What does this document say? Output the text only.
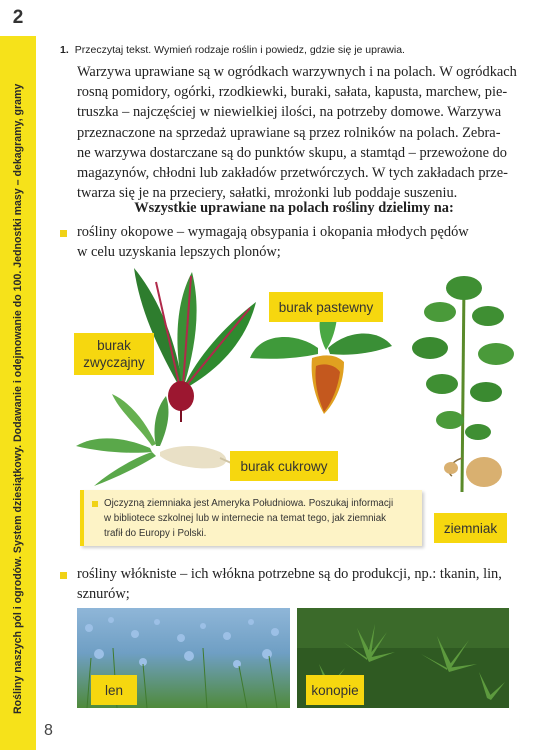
2
Rośliny naszych pól i ogrodów. System dziesiątkowy. Dodawanie i odejmowanie do 100. Jednostki masy – dekagramy, gramy
8
1. Przeczytaj tekst. Wymień rodzaje roślin i powiedz, gdzie się je uprawia.
Warzywa uprawiane są w ogródkach warzywnych i na polach. W ogródkach
rosną pomidory, ogórki, rzodkiewki, buraki, sałata, kapusta, marchew, pie-
truszka – najczęściej w niewielkiej ilości, na potrzeby domowe. Warzywa
przeznaczone na sprzedaż uprawiane są przez rolników na polach. Zebra-
ne warzywa dostarczane są do punktów skupu, a stamtąd – przewożone do
magazynów, chłodni lub zakładów przetwórczych. W tych zakładach prze-
twarza się je na przeciery, sałatki, mrożonki lub poddaje suszeniu.
Wszystkie uprawiane na polach rośliny dzielimy na:
rośliny okopowe – wymagają obsypania i okopania młodych pędów
w celu uzyskania lepszych plonów;
burak
zwyczajny
burak pastewny
burak cukrowy
ziemniak
Ojczyzną ziemniaka jest Ameryka Południowa. Poszukaj informacji
w bibliotece szkolnej lub w internecie na temat tego, jak ziemniak
trafił do Europy i Polski.
rośliny włókniste – ich włókna potrzebne są do produkcji, np.: tkanin, lin,
sznurów;
len	konopie
